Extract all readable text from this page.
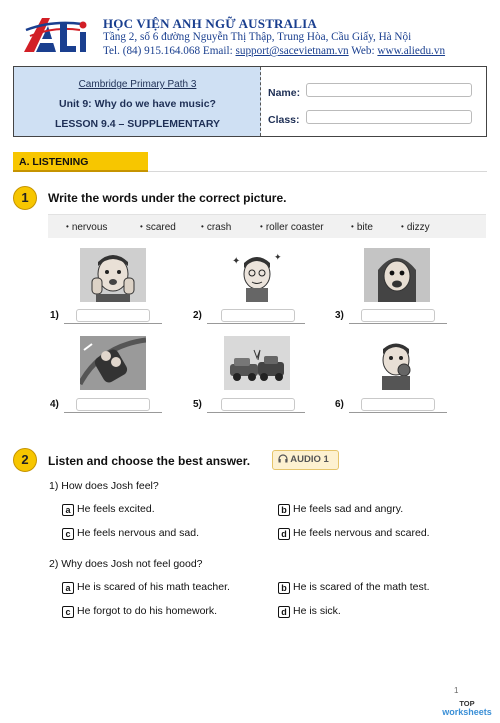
HỌC VIỆN ANH NGỮ AUSTRALIA
Tầng 2, số 6 đường Nguyễn Thị Thập, Trung Hòa, Cầu Giấy, Hà Nội
Tel. (84) 915.164.068 Email: support@sacevietnam.vn Web: www.aliedu.vn
Cambridge Primary Path 3
Unit 9: Why do we have music?
LESSON 9.4 – SUPPLEMENTARY
Name:
Class:
A. LISTENING
1	Write the words under the correct picture.
• nervous	• scared	• crash	• roller coaster	• bite	• dizzy
✦	✦
1)	2)	3)
4)	5)	6)
2	Listen and choose the best answer.	AUDIO 1
1) How does Josh feel?
a He feels excited.	b He feels sad and angry.
c He feels nervous and sad.	d He feels nervous and scared.
2) Why does Josh not feel good?
a He is scared of his math teacher.	b He is scared of the math test.
c He forgot to do his homework.	d He is sick.
1
TOP
worksheets
